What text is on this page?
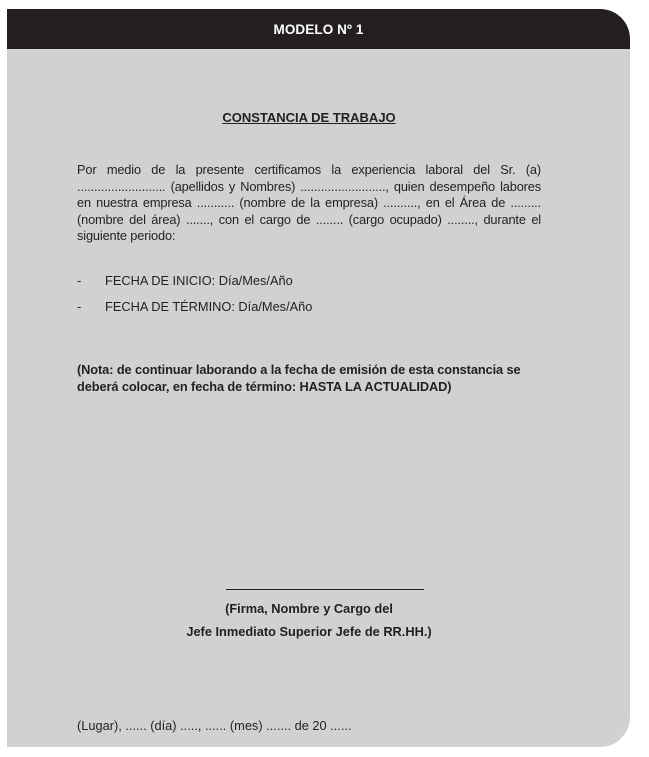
MODELO Nº 1
CONSTANCIA DE TRABAJO

Por medio de la presente certificamos la experiencia laboral del Sr. (a) .......................... (apellidos y Nombres) ........................., quien desempeño labores en nuestra empresa ........... (nombre de la empresa) .........., en el Área de ......... (nombre del área) ......., con el cargo de ........ (cargo ocupado) ........, durante el siguiente periodo:

-	FECHA DE INICIO: Día/Mes/Año
-	FECHA DE TÉRMINO: Día/Mes/Año

(Nota: de continuar laborando a la fecha de emisión de esta constancia se deberá colocar, en fecha de término: HASTA LA ACTUALIDAD)

(Firma, Nombre y Cargo del
Jefe Inmediato Superior Jefe de RR.HH.)
(Lugar), ...... (día) ....., ...... (mes) ....... de 20 ......
